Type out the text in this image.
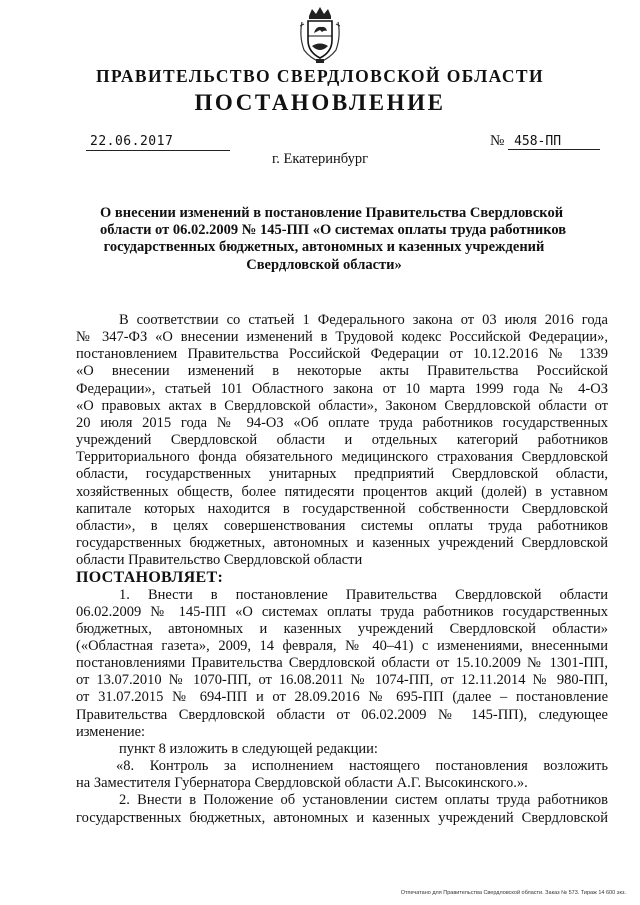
ПРАВИТЕЛЬСТВО СВЕРДЛОВСКОЙ ОБЛАСТИ
ПОСТАНОВЛЕНИЕ
22.06.2017	№ 458-ПП
г. Екатеринбург
О внесении изменений в постановление Правительства Свердловской
области от 06.02.2009 № 145-ПП «О системах оплаты труда работников
государственных бюджетных, автономных и казенных учреждений
Свердловской области»
В соответствии со статьей 1 Федерального закона от 03 июля 2016 года
№ 347-ФЗ «О внесении изменений в Трудовой кодекс Российской Федерации»,
постановлением Правительства Российской Федерации от 10.12.2016 № 1339
«О внесении изменений в некоторые акты Правительства Российской
Федерации», статьей 101 Областного закона от 10 марта 1999 года № 4-ОЗ
«О правовых актах в Свердловской области», Законом Свердловской области от
20 июля 2015 года № 94-ОЗ «Об оплате труда работников государственных
учреждений Свердловской области и отдельных категорий работников
Территориального фонда обязательного медицинского страхования Свердловской
области, государственных унитарных предприятий Свердловской области,
хозяйственных обществ, более пятидесяти процентов акций (долей) в уставном
капитале которых находится в государственной собственности Свердловской
области», в целях совершенствования системы оплаты труда работников
государственных бюджетных, автономных и казенных учреждений Свердловской
области Правительство Свердловской области
ПОСТАНОВЛЯЕТ:
1. Внести в постановление Правительства Свердловской области
06.02.2009 № 145-ПП «О системах оплаты труда работников государственных
бюджетных, автономных и казенных учреждений Свердловской области»
(«Областная газета», 2009, 14 февраля, № 40–41) с изменениями, внесенными
постановлениями Правительства Свердловской области от 15.10.2009 № 1301-ПП,
от 13.07.2010 № 1070-ПП, от 16.08.2011 № 1074-ПП, от 12.11.2014 № 980-ПП,
от 31.07.2015 № 694-ПП и от 28.09.2016 № 695-ПП (далее – постановление
Правительства Свердловской области от 06.02.2009 № 145-ПП), следующее
изменение:
пункт 8 изложить в следующей редакции:
«8. Контроль за исполнением настоящего постановления возложить
на Заместителя Губернатора Свердловской области А.Г. Высокинского.».
2. Внести в Положение об установлении систем оплаты труда работников
государственных бюджетных, автономных и казенных учреждений Свердловской
Отпечатано для Правительства Свердловской области. Заказ № 573. Тираж 14 600 экз.
